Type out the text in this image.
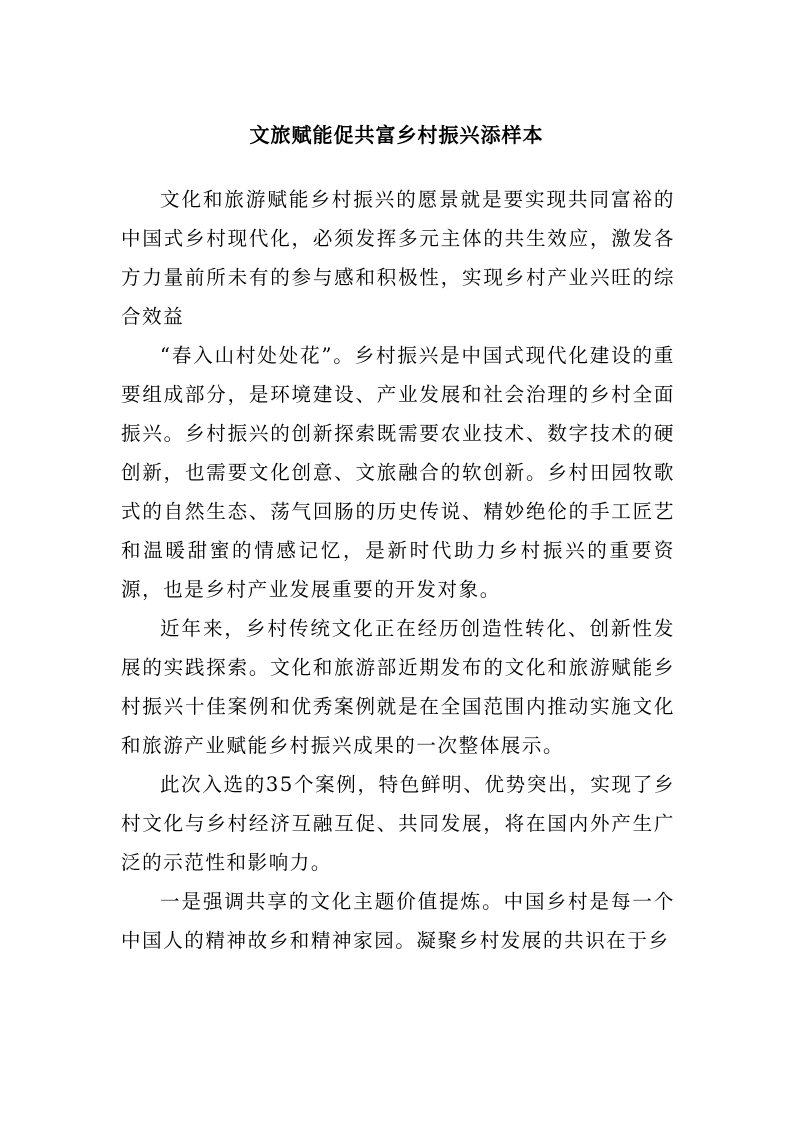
文旅赋能促共富乡村振兴添样本

文化和旅游赋能乡村振兴的愿景就是要实现共同富裕的中国式乡村现代化，必须发挥多元主体的共生效应，激发各方力量前所未有的参与感和积极性，实现乡村产业兴旺的综合效益

“春入山村处处花”。乡村振兴是中国式现代化建设的重要组成部分，是环境建设、产业发展和社会治理的乡村全面振兴。乡村振兴的创新探索既需要农业技术、数字技术的硬创新，也需要文化创意、文旅融合的软创新。乡村田园牧歌式的自然生态、荡气回肠的历史传说、精妙绝伦的手工匠艺和温暖甜蜜的情感记忆，是新时代助力乡村振兴的重要资源，也是乡村产业发展重要的开发对象。

近年来，乡村传统文化正在经历创造性转化、创新性发展的实践探索。文化和旅游部近期发布的文化和旅游赋能乡村振兴十佳案例和优秀案例就是在全国范围内推动实施文化和旅游产业赋能乡村振兴成果的一次整体展示。

此次入选的35个案例，特色鲜明、优势突出，实现了乡村文化与乡村经济互融互促、共同发展，将在国内外产生广泛的示范性和影响力。

一是强调共享的文化主题价值提炼。中国乡村是每一个中国人的精神故乡和精神家园。凝聚乡村发展的共识在于乡
